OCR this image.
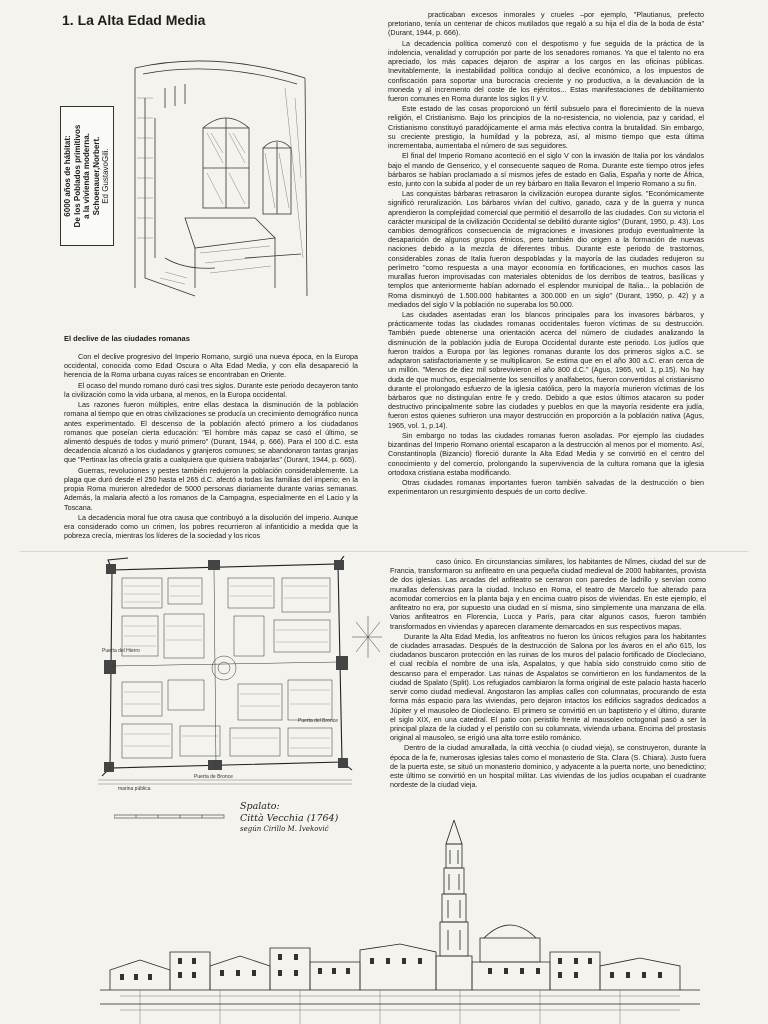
1. La Alta Edad Media
6000 años de hábitat: De los Poblados primitivos a la vivienda moderna. Schoenauer,Norbert. Ed GustavoGili.
El declive de las ciudades romanas

Con el declive progresivo del Imperio Romano, surgió una nueva época, en la Europa occidental, conocida como Edad Oscura o Alta Edad Media, y con ella desapareció la herencia de la Roma urbana cuyas raíces se encontraban en Oriente.

El ocaso del mundo romano duró casi tres siglos. Durante este periodo decayeron tanto la civilización como la vida urbana, al menos, en la Europa occidental.

Las razones fueron múltiples, entre ellas destaca la disminución de la población romana al tiempo que en otras civilizaciones se producía un crecimiento demográfico nunca antes experimentado. El descenso de la población afectó primero a los ciudadanos romanos que poseían cierta educación: "El hombre más capaz se casó el último, se alimentó después de todos y murió primero" (Durant, 1944, p. 666). Para el 100 d.C. esta decadencia alcanzó a los ciudadanos y granjeros comunes; se abandonaron tantas granjas que "Pertinax las ofrecía gratis a cualquiera que quisiera trabajarlas" (Durant, 1944, p. 665).

Guerras, revoluciones y pestes también redujeron la población considerablemente. La plaga que duró desde el 250 hasta el 265 d.C. afectó a todas las familias del imperio; en la propia Roma murieron alrededor de 5000 personas diariamente durante varias semanas. Además, la malaria afectó a los romanos de la Campagna, especialmente en el Lacio y la Toscana.

La decadencia moral fue otra causa que contribuyó a la disolución del imperio. Aunque era considerado como un crimen, los pobres recurrieron al infanticidio a medida que la pobreza crecía, mientras los líderes de la sociedad y los ricos

practicaban excesos inmorales y crueles –por ejemplo, "Plautianus, prefecto pretoriano, tenía un centenar de chicos mutilados que regaló a su hija el día de la boda de ésta" (Durant, 1944, p. 666).

La decadencia política comenzó con el despotismo y fue seguida de la práctica de la indolencia, venalidad y corrupción por parte de los senadores romanos. Ya que el talento no era apreciado, los más capaces dejaron de aspirar a los cargos en las oficinas públicas. Inevitablemente, la inestabilidad política condujo al declive económico, a los impuestos de confiscación para soportar una burocracia creciente y no productiva, a la devaluación de la moneda y al incremento del coste de los ejércitos... Estas manifestaciones de debilitamiento fueron comunes en Roma durante los siglos II y V.

Este estado de las cosas proporcionó un fértil subsuelo para el florecimiento de la nueva religión, el Cristianismo. Bajo los principios de la no-resistencia, no violencia, paz y caridad, el Cristianismo constituyó paradójicamente el arma más efectiva contra la brutalidad. Sin embargo, su creciente prestigio, la humildad y la pobreza, así, al mismo tiempo que esta última incrementaba, aumentaba el número de sus seguidores.

El final del Imperio Romano aconteció en el siglo V con la invasión de Italia por los vándalos bajo el mando de Genserico, y el consecuente saqueo de Roma. Durante este tiempo otros jefes bárbaros se habían proclamado a sí mismos jefes de estado en Galia, España y norte de África, esto, junto con la subida al poder de un rey bárbaro en Italia llevaron el Imperio Romano a su fin.

Las conquistas bárbaras retrasaron la civilización europea durante siglos. "Económicamente significó reruralización. Los bárbaros vivían del cultivo, ganado, caza y de la guerra y nunca aprendieron la complejidad comercial que permitió el desarrollo de las ciudades. Con su victoria el carácter municipal de la civilización Occidental se debilitó durante siglos" (Durant, 1950, p. 43). Los cambios demográficos consecuencia de migraciones e invasiones produjo eventualmente la desaparición de algunos grupos étnicos, pero también dio origen a la formación de nuevas naciones debido a la mezcla de diferentes tribus. Durante este periodo de trastornos, considerables zonas de Italia fueron despobladas y la mayoría de las ciudades redujeron su perímetro "como respuesta a una mayor economía en fortificaciones, en muchos casos las murallas fueron improvisadas con materiales obtenidos de los derribos de teatros, basílicas y templos que anteriormente habían adornado el esplendor municipal de Italia... la población de Roma disminuyó de 1.500.000 habitantes a 300.000 en un siglo" (Durant, 1950, p. 42) y a mediados del siglo V la población no superaba los 50.000.

Las ciudades asentadas eran los blancos principales para los invasores bárbaros, y prácticamente todas las ciudades romanas occidentales fueron víctimas de su destrucción. También puede obtenerse una orientación acerca del número de ciudades analizando la disminución de la población judía de Europa Occidental durante este periodo. Los judíos que fueron traídos a Europa por las legiones romanas durante los dos primeros siglos a.C. se adaptaron satisfactoriamente y se multiplicaron. Se estima que en el año 300 a.C. eran cerca de un millón. "Menos de diez mil sobrevivieron el año 800 d.C." (Agus, 1965, vol. 1, p.15). No hay duda de que muchos, especialmente los sencillos y analfabetos, fueron convertidos al cristianismo durante el prolongado esfuerzo de la iglesia católica, pero la mayoría murieron víctimas de los bárbaros que no distinguían entre fe y credo. Debido a que estos últimos atacaron su poder destructivo principalmente sobre las ciudades y pueblos en que la mayoría residente era judía, fueron estos quienes sufrieron una mayor destrucción en proporción a la población nativa (Agus, 1965, vol. 1, p.14).

Sin embargo no todas las ciudades romanas fueron asoladas. Por ejemplo las ciudades bizantinas del Imperio Romano oriental escaparon a la destrucción al menos por el momento. Así, Constantinopla (Bizancio) floreció durante la Alta Edad Media y se convirtió en el centro del conocimiento y del comercio, prolongando la supervivencia de la cultura romana que la iglesia ortodoxa cristiana estaba modificando.

Otras ciudades romanas importantes fueron también salvadas de la destrucción o bien experimentaron un resurgimiento después de un corto declive.

Puerta del Hierro
Puerta del Bronce
Puerta de Bronce
marina pública
Spalato:
Città Vecchia (1764)
según Cirillo M. Iveković

caso único. En circunstancias similares, los habitantes de Nîmes, ciudad del sur de Francia, transformaron su anfiteatro en una pequeña ciudad medieval de 2000 habitantes, provista de dos iglesias. Las arcadas del anfiteatro se cerraron con paredes de ladrillo y servían como murallas defensivas para la ciudad. Incluso en Roma, el teatro de Marcelo fue alterado para acomodar comercios en la planta baja y en encima cuatro pisos de viviendas. En este ejemplo, el anfiteatro no era, por supuesto una ciudad en sí misma, sino simplemente una manzana de ella. Varios anfiteatros en Florencia, Lucca y París, para citar algunos casos, fueron también transformados en viviendas y aparecen claramente demarcados en sus respectivos mapas.

Durante la Alta Edad Media, los anfiteatros no fueron los únicos refugios para los habitantes de ciudades arrasadas. Después de la destrucción de Salona por los ávaros en el año 615, los ciudadanos buscaron protección en las ruinas de los muros del palacio fortificado de Diocleciano, el cual recibía el nombre de una isla, Aspalatos, y que había sido construido como sitio de descanso para el emperador. Las ruinas de Aspalatos se convirtieron en los fundamentos de la ciudad de Spalato (Split). Los refugiados cambiaron la forma original de este palacio hasta hacerlo servir como ciudad medieval. Angostaron las amplias calles con columnatas, procurando de esta forma más espacio para las viviendas, pero dejaron intactos los edificios sagrados dedicados a Júpiter y el mausoleo de Diocleciano. El primero se convirtió en un baptisterio y el último, durante el siglo XIX, en una catedral. El patio con peristilo frente al mausoleo octogonal pasó a ser la principal plaza de la ciudad y el peristilo con su columnata, vivienda urbana. Encima del prostasis original al mausoleo, se erigió una alta torre estilo románico.

Dentro de la ciudad amurallada, la città vecchia (o ciudad vieja), se construyeron, durante la época de la fe, numerosas iglesias tales como el monasterio de Sta. Clara (S. Chiara). Justo fuera de la puerta este, se situó un monasterio dominico, y adyacente a la puerta norte, uno benedictino; este último se convirtió en un hospital militar. Las viviendas de los judíos ocupaban el cuadrante nordeste de la ciudad vieja.
